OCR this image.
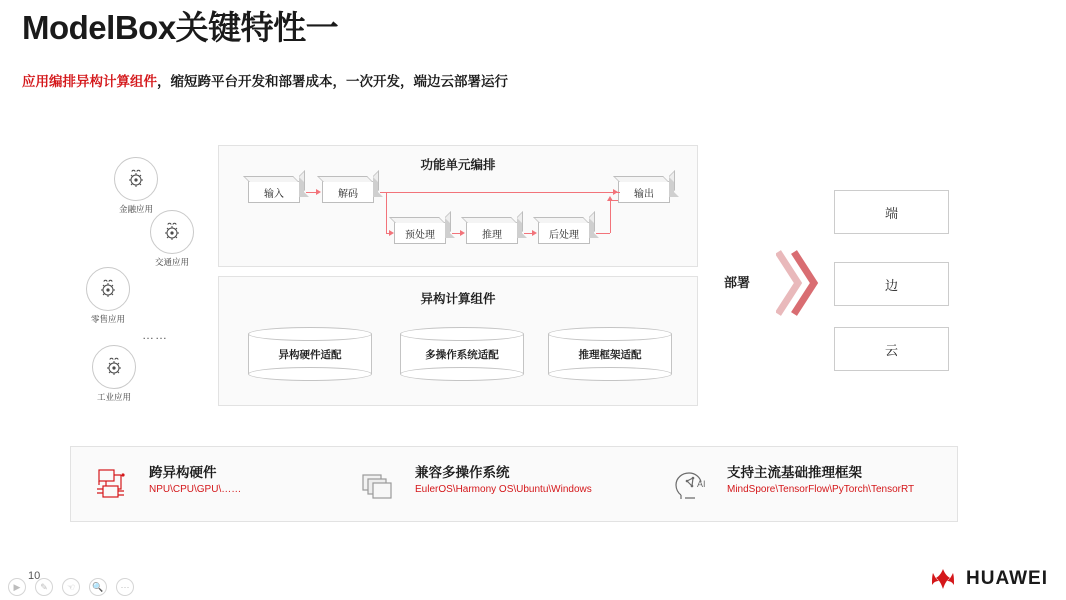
ModelBox关键特性一
应用编排异构计算组件，缩短跨平台开发和部署成本，一次开发，端边云部署运行
金融应用
交通应用
零售应用
工业应用
……
功能单元编排
输入	解码	输出
预处理	推理	后处理
异构计算组件
异构硬件适配	多操作系统适配	推理框架适配
部署
端
边
云
跨异构硬件
NPU\CPU\GPU\……
兼容多操作系统
EulerOS\Harmony OS\Ubuntu\Windows	AI
支持主流基础推理框架
MindSpore\TensorFlow\PyTorch\TensorRT
10
▶	✎	☜	🔍	⋯	HUAWEI
